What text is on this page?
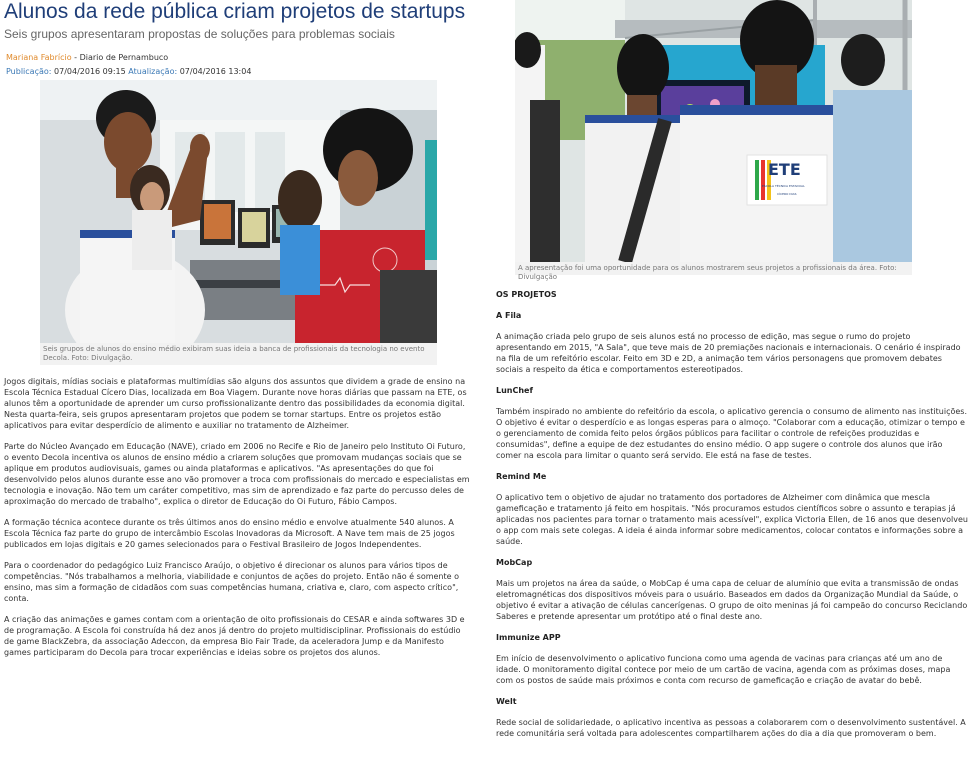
Alunos da rede pública criam projetos de startups

Seis grupos apresentaram propostas de soluções para problemas sociais

Mariana Fabrício - Diario de Pernambuco
Publicação: 07/04/2016 09:15 Atualização: 07/04/2016 13:04
Seis grupos de alunos do ensino médio exibiram suas ideia a banca de profissionais da tecnologia no evento Decola. Foto: Divulgação.
ETE
ESCOLA TÉCNICA ESTADUAL
CÍCERO DIAS
A apresentação foi uma oportunidade para os alunos mostrarem seus projetos a profissionais da área. Foto: Divulgação

Jogos digitais, mídias sociais e plataformas multimídias são alguns dos assuntos que dividem a grade de ensino na Escola Técnica Estadual Cícero Dias, localizada em Boa Viagem. Durante nove horas diárias que passam na ETE, os alunos têm a oportunidade de aprender um curso profissionalizante dentro das possibilidades da economia digital. Nesta quarta-feira, seis grupos apresentaram projetos que podem se tornar startups. Entre os projetos estão aplicativos para evitar desperdício de alimento e auxiliar no tratamento de Alzheimer.

Parte do Núcleo Avançado em Educação (NAVE), criado em 2006 no Recife e Rio de Janeiro pelo Instituto Oi Futuro, o evento Decola incentiva os alunos de ensino médio a criarem soluções que promovam mudanças sociais que se aplique em produtos audiovisuais, games ou ainda plataformas e aplicativos. "As apresentações do que foi desenvolvido pelos alunos durante esse ano vão promover a troca com profissionais do mercado e especialistas em tecnologia e inovação. Não tem um caráter competitivo, mas sim de aprendizado e faz parte do percusso deles de aproximação do mercado de trabalho", explica o diretor de Educação do Oi Futuro, Fábio Campos.

A formação técnica acontece durante os três últimos anos do ensino médio e envolve atualmente 540 alunos. A Escola Técnica faz parte do grupo de intercâmbio Escolas Inovadoras da Microsoft. A Nave tem mais de 25 jogos publicados em lojas digitais e 20 games selecionados para o Festival Brasileiro de Jogos Independentes.

Para o coordenador do pedagógico Luiz Francisco Araújo, o objetivo é direcionar os alunos para vários tipos de competências. "Nós trabalhamos a melhoria, viabilidade e conjuntos de ações do projeto. Então não é somente o ensino, mas sim a formação de cidadãos com suas competências humana, criativa e, claro, com aspecto crítico", conta.

A criação das animações e games contam com a orientação de oito profissionais do CESAR e ainda softwares 3D e de programação. A Escola foi construída há dez anos já dentro do projeto multidisciplinar. Profissionais do estúdio de game BlackZebra, da associação Adeccon, da empresa Bio Fair Trade, da aceleradora Jump e da Manifesto games participaram do Decola para trocar experiências e ideias sobre os projetos dos alunos.

OS PROJETOS
A Fila

A animação criada pelo grupo de seis alunos está no processo de edição, mas segue o rumo do projeto apresentando em 2015, "A Sala", que teve mais de 20 premiações nacionais e internacionais. O cenário é inspirado na fila de um refeitório escolar. Feito em 3D e 2D, a animação tem vários personagens que promovem debates sociais a respeito da ética e comportamentos estereotipados.

LunChef

Também inspirado no ambiente do refeitório da escola, o aplicativo gerencia o consumo de alimento nas instituições. O objetivo é evitar o desperdício e as longas esperas para o almoço. "Colaborar com a educação, otimizar o tempo e o gerenciamento de comida feito pelos órgãos públicos para facilitar o controle de refeições produzidas e consumidas", define a equipe de dez estudantes do ensino médio. O app sugere o controle dos alunos que irão comer na escola para limitar o quanto será servido. Ele está na fase de testes.

Remind Me

O aplicativo tem o objetivo de ajudar no tratamento dos portadores de Alzheimer com dinâmica que mescla gameficação e tratamento já feito em hospitais. "Nós procuramos estudos científicos sobre o assunto e terapias já aplicadas nos pacientes para tornar o tratamento mais acessível", explica Victoria Ellen, de 16 anos que desenvolveu o app com mais sete colegas. A ideia é ainda informar sobre medicamentos, colocar contatos e informações sobre a saúde.

MobCap

Mais um projetos na área da saúde, o MobCap é uma capa de celuar de alumínio que evita a transmissão de ondas eletromagnéticas dos dispositivos móveis para o usuário. Baseados em dados da Organização Mundial da Saúde, o objetivo é evitar a ativação de células cancerígenas. O grupo de oito meninas já foi campeão do concurso Reciclando Saberes e pretende apresentar um protótipo até o final deste ano.

Immunize APP

Em início de desenvolvimento o aplicativo funciona como uma agenda de vacinas para crianças até um ano de idade. O monitoramento digital contece por meio de um cartão de vacina, agenda com as próximas doses, mapa com os postos de saúde mais próximos e conta com recurso de gameficação e criação de avatar do bebê.

Welt

Rede social de solidariedade, o aplicativo incentiva as pessoas a colaborarem com o desenvolvimento sustentável. A rede comunitária será voltada para adolescentes compartilharem ações do dia a dia que promoveram o bem.
